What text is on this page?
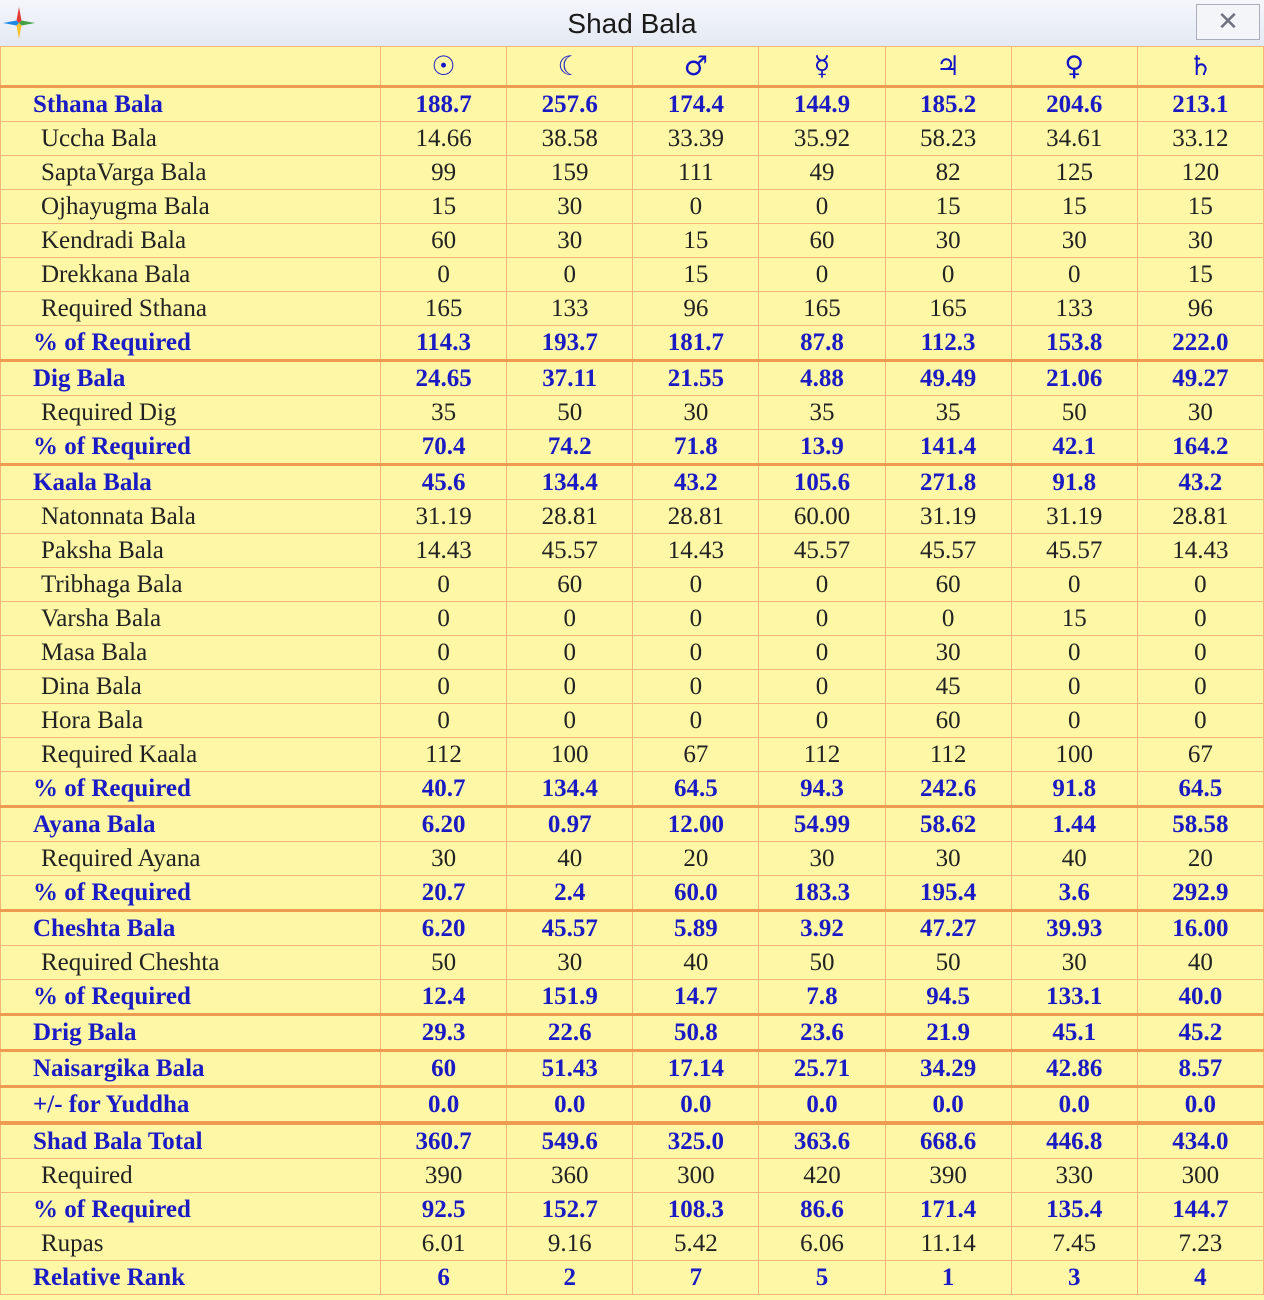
Shad Bala	✕
	☉	☾	♂	☿	♃	♀	♄
Sthana Bala	188.7	257.6	174.4	144.9	185.2	204.6	213.1
Uccha Bala	14.66	38.58	33.39	35.92	58.23	34.61	33.12
SaptaVarga Bala	99	159	111	49	82	125	120
Ojhayugma Bala	15	30	0	0	15	15	15
Kendradi Bala	60	30	15	60	30	30	30
Drekkana Bala	0	0	15	0	0	0	15
Required Sthana	165	133	96	165	165	133	96
% of Required	114.3	193.7	181.7	87.8	112.3	153.8	222.0
Dig Bala	24.65	37.11	21.55	4.88	49.49	21.06	49.27
Required Dig	35	50	30	35	35	50	30
% of Required	70.4	74.2	71.8	13.9	141.4	42.1	164.2
Kaala Bala	45.6	134.4	43.2	105.6	271.8	91.8	43.2
Natonnata Bala	31.19	28.81	28.81	60.00	31.19	31.19	28.81
Paksha Bala	14.43	45.57	14.43	45.57	45.57	45.57	14.43
Tribhaga Bala	0	60	0	0	60	0	0
Varsha Bala	0	0	0	0	0	15	0
Masa Bala	0	0	0	0	30	0	0
Dina Bala	0	0	0	0	45	0	0
Hora Bala	0	0	0	0	60	0	0
Required Kaala	112	100	67	112	112	100	67
% of Required	40.7	134.4	64.5	94.3	242.6	91.8	64.5
Ayana Bala	6.20	0.97	12.00	54.99	58.62	1.44	58.58
Required Ayana	30	40	20	30	30	40	20
% of Required	20.7	2.4	60.0	183.3	195.4	3.6	292.9
Cheshta Bala	6.20	45.57	5.89	3.92	47.27	39.93	16.00
Required Cheshta	50	30	40	50	50	30	40
% of Required	12.4	151.9	14.7	7.8	94.5	133.1	40.0
Drig Bala	29.3	22.6	50.8	23.6	21.9	45.1	45.2
Naisargika Bala	60	51.43	17.14	25.71	34.29	42.86	8.57
+/- for Yuddha	0.0	0.0	0.0	0.0	0.0	0.0	0.0
Shad Bala Total	360.7	549.6	325.0	363.6	668.6	446.8	434.0
Required	390	360	300	420	390	330	300
% of Required	92.5	152.7	108.3	86.6	171.4	135.4	144.7
Rupas	6.01	9.16	5.42	6.06	11.14	7.45	7.23
Relative Rank	6	2	7	5	1	3	4
